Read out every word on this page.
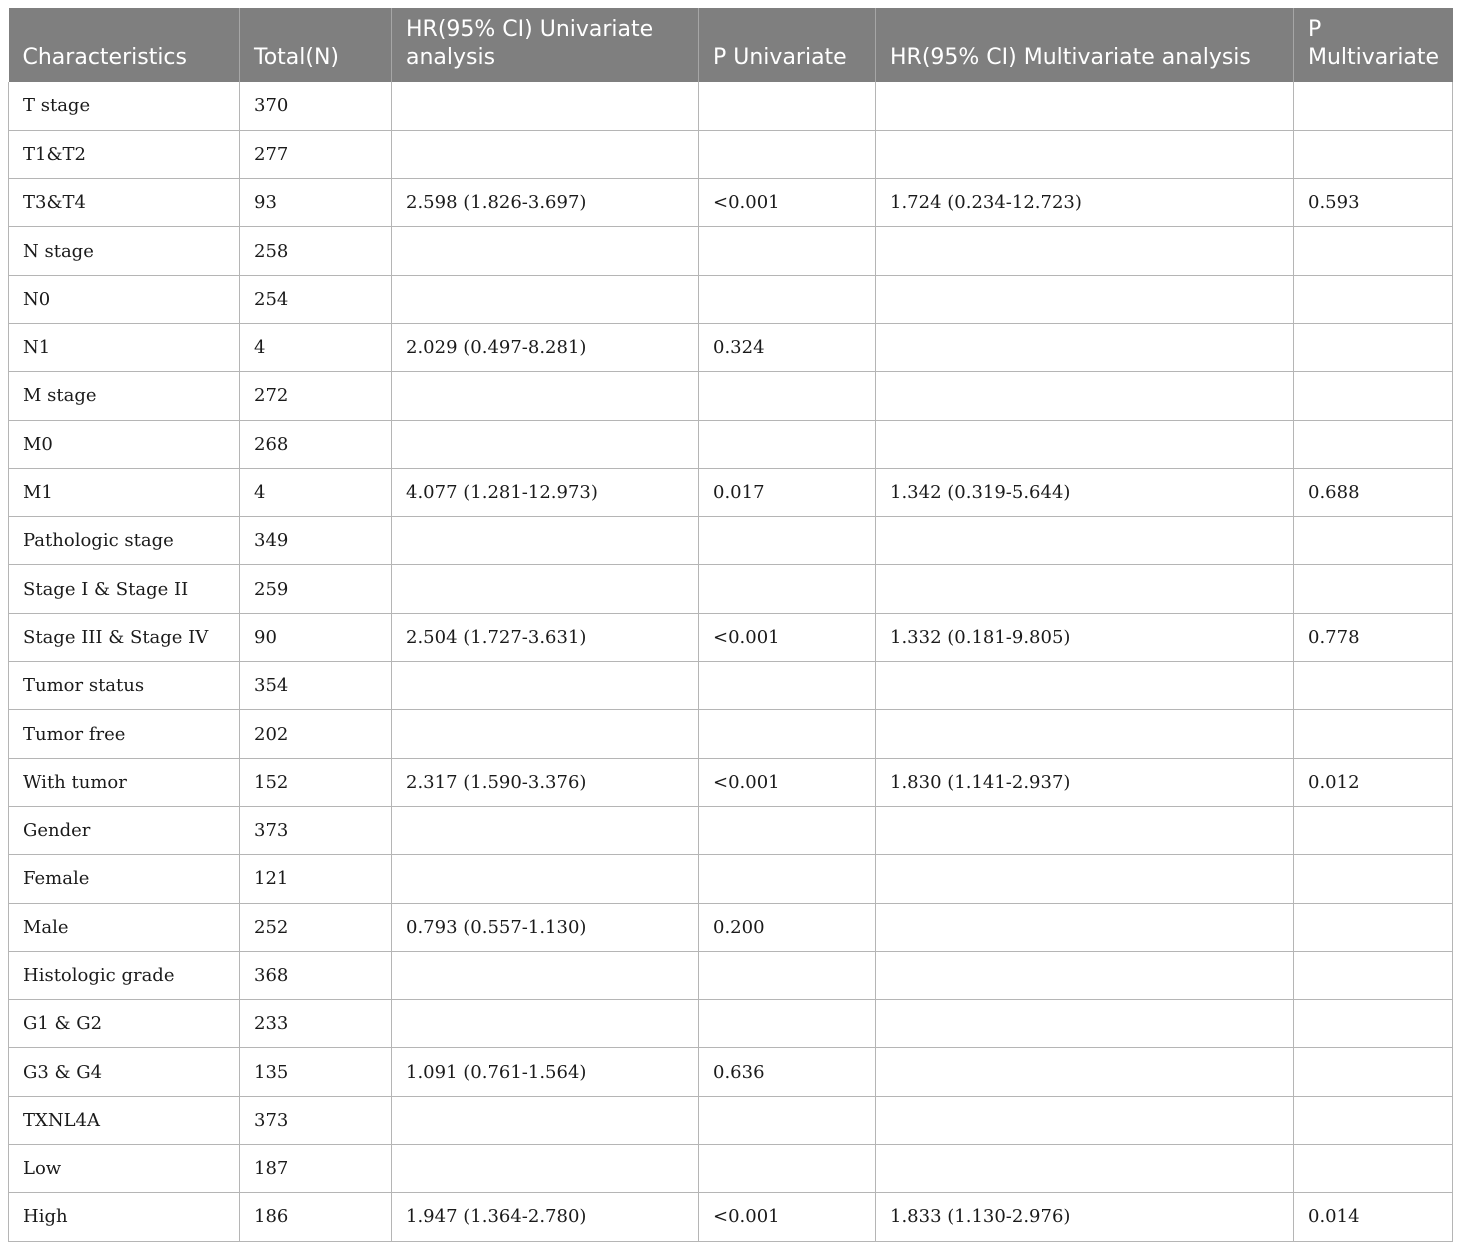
Characteristics	Total(N)	HR(95% CI) Univariate analysis	P Univariate	HR(95% CI) Multivariate analysis	P Multivariate
T stage	370				
T1&T2	277				
T3&T4	93	2.598 (1.826-3.697)	<0.001	1.724 (0.234-12.723)	0.593
N stage	258				
N0	254				
N1	4	2.029 (0.497-8.281)	0.324		
M stage	272				
M0	268				
M1	4	4.077 (1.281-12.973)	0.017	1.342 (0.319-5.644)	0.688
Pathologic stage	349				
Stage I & Stage II	259				
Stage III & Stage IV	90	2.504 (1.727-3.631)	<0.001	1.332 (0.181-9.805)	0.778
Tumor status	354				
Tumor free	202				
With tumor	152	2.317 (1.590-3.376)	<0.001	1.830 (1.141-2.937)	0.012
Gender	373				
Female	121				
Male	252	0.793 (0.557-1.130)	0.200		
Histologic grade	368				
G1 & G2	233				
G3 & G4	135	1.091 (0.761-1.564)	0.636		
TXNL4A	373				
Low	187				
High	186	1.947 (1.364-2.780)	<0.001	1.833 (1.130-2.976)	0.014
